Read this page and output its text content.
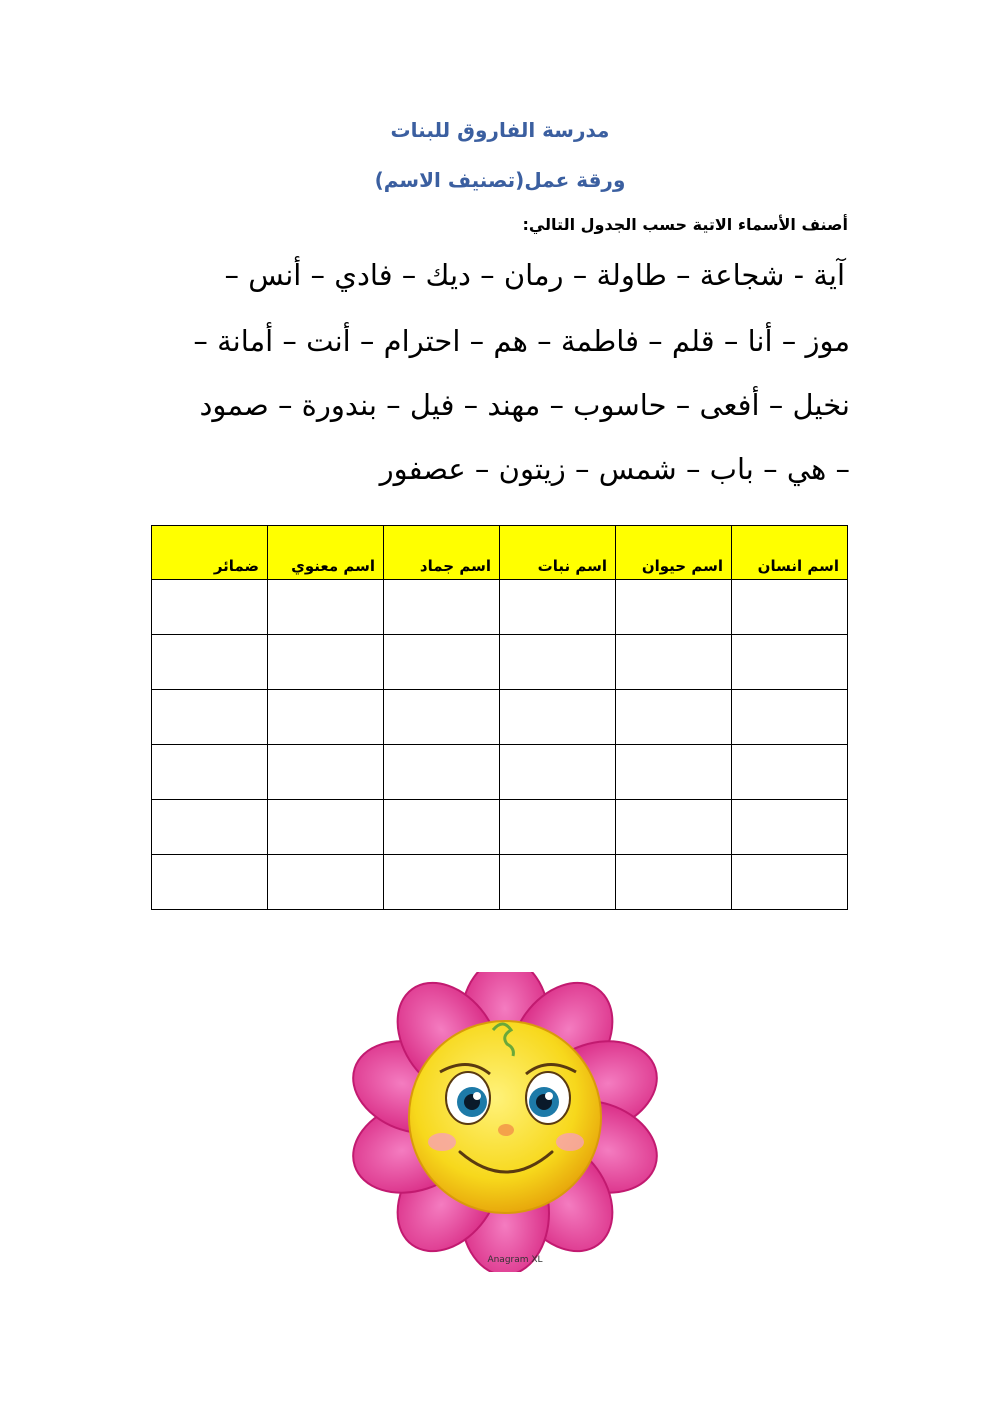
مدرسة الفاروق للبنات
ورقة عمل(تصنيف الاسم)
أصنف الأسماء الاتية حسب الجدول التالي:
آية - شجاعة – طاولة – رمان – ديك – فادي – أنس –
موز – أنا – قلم – فاطمة – هم – احترام – أنت – أمانة –
نخيل – أفعى – حاسوب – مهند – فيل – بندورة – صمود
– هي – باب – شمس – زيتون – عصفور
اسم انسان	اسم حيوان	اسم نبات	اسم جماد	اسم معنوي	ضمائر

Anagram XL
